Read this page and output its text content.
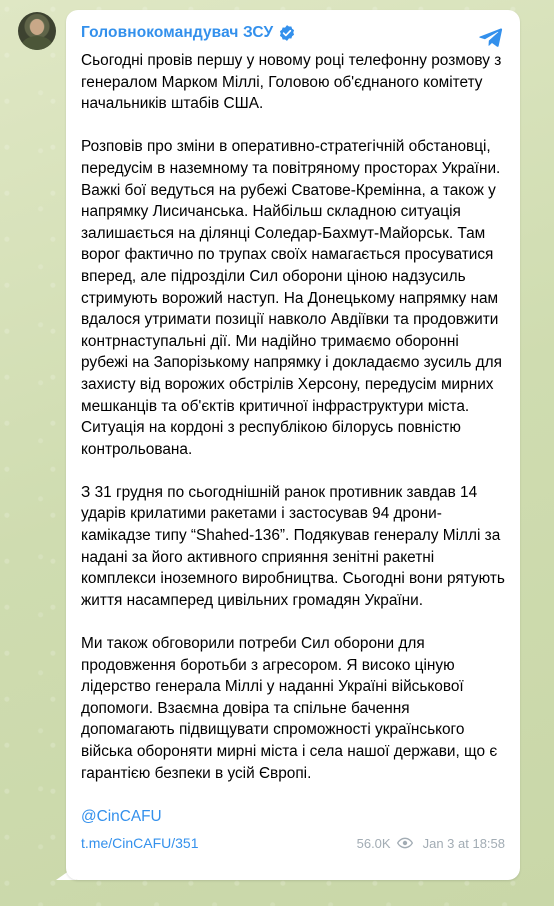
Головнокомандувач ЗСУ

Сьогодні провів першу у новому році телефонну розмову з генералом Марком Міллі, Головою об'єднаного комітету начальників штабів США.

Розповів про зміни в оперативно-стратегічній обстановці, передусім в наземному та повітряному просторах України. Важкі бої ведуться на рубежі Сватове-Кремінна, а також у напрямку Лисичанська. Найбільш складною ситуація залишається на ділянці Соледар-Бахмут-Майорськ. Там ворог фактично по трупах своїх намагається просуватися вперед, але підрозділи Сил оборони ціною надзусиль стримують ворожий наступ. На Донецькому напрямку нам вдалося утримати позиції навколо Авдіївки та продовжити контрнаступальні дії. Ми надійно тримаємо оборонні рубежі на Запорізькому напрямку і докладаємо зусиль для захисту від ворожих обстрілів Херсону, передусім мирних мешканців та об'єктів критичної інфраструктури міста. Ситуація на кордоні з республікою білорусь повністю контрольована.

З 31 грудня по сьогоднішній ранок противник завдав 14 ударів крилатими ракетами і застосував 94 дрони-камікадзе типу “Shahed-136”. Подякував генералу Міллі за надані за його активного сприяння зенітні ракетні комплекси іноземного виробництва. Сьогодні вони рятують життя насамперед цивільних громадян України.

Ми також обговорили потреби Сил оборони для продовження боротьби з агресором. Я високо ціную лідерство генерала Міллі у наданні Україні військової допомоги. Взаємна довіра та спільне бачення допомагають підвищувати спроможності українського війська обороняти мирні міста і села нашої держави, що є гарантією безпеки в усій Європі.

@CinCAFU
t.me/CinCAFU/351	56.0K Jan 3 at 18:58
